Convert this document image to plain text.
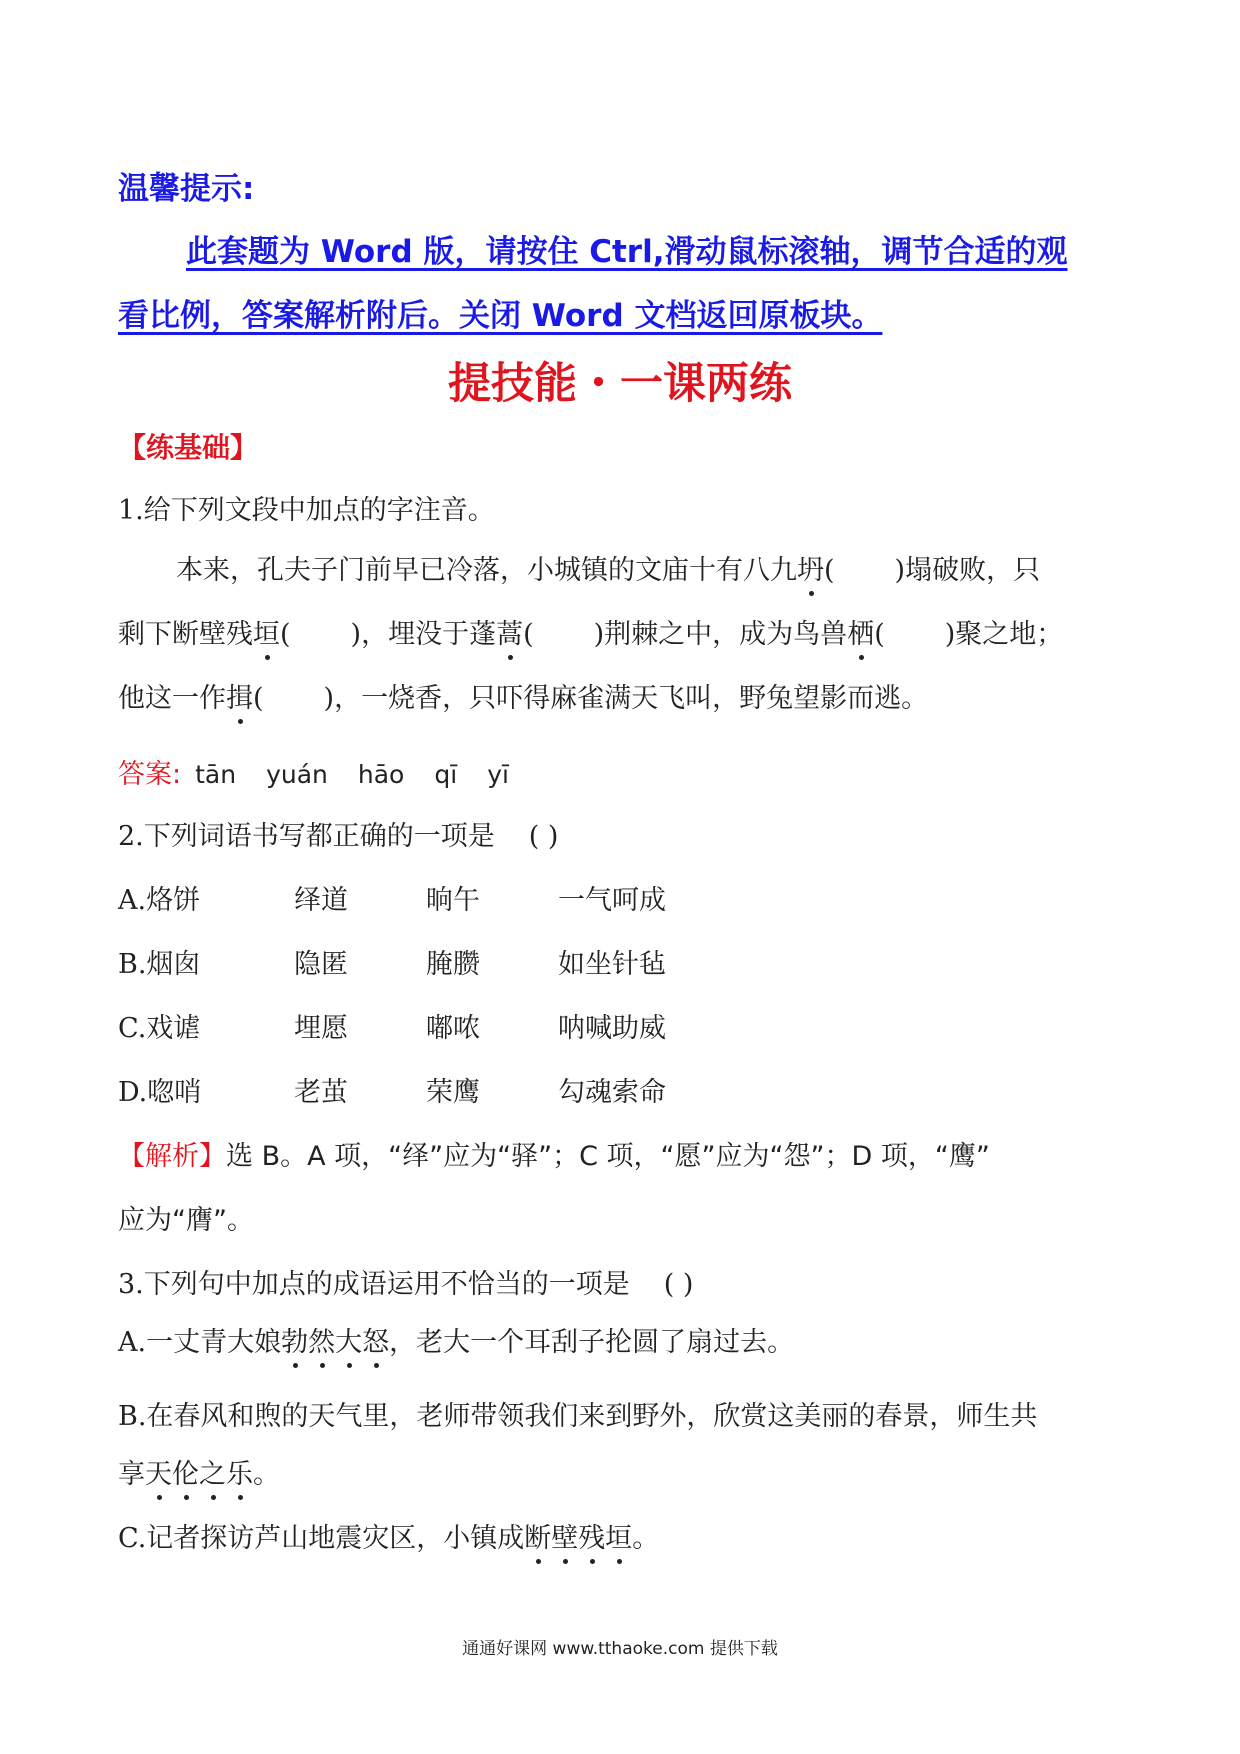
温馨提示:
此套题为 Word 版，请按住 Ctrl,滑动鼠标滚轴，调节合适的观
看比例，答案解析附后。关闭 Word 文档返回原板块。
提技能・一课两练
【练基础】
1.给下列文段中加点的字注音。
本来，孔夫子门前早已冷落，小城镇的文庙十有八九坍( )塌破败，只
剩下断壁残垣( )，埋没于蓬蒿( )荆棘之中，成为鸟兽栖( )聚之地；
他这一作揖( )，一烧香，只吓得麻雀满天飞叫，野兔望影而逃。
答案: tān yuán hāo qī yī
2.下列词语书写都正确的一项是 ( )
A.烙饼	绎道	晌午	一气呵成
B.烟囱	隐匿	腌臜	如坐针毡
C.戏谑	埋愿	嘟哝	呐喊助威
D.唿哨	老茧	荣鹰	勾魂索命
【解析】选 B。A 项，“绎”应为“驿”；C 项，“愿”应为“怨”；D 项，“鹰”
应为“膺”。
3.下列句中加点的成语运用不恰当的一项是 ( )
A.一丈青大娘勃然大怒，老大一个耳刮子抡圆了扇过去。
B.在春风和煦的天气里，老师带领我们来到野外，欣赏这美丽的春景，师生共
享天伦之乐。
C.记者探访芦山地震灾区，小镇成断壁残垣。
通通好课网 www.tthaoke.com 提供下载
